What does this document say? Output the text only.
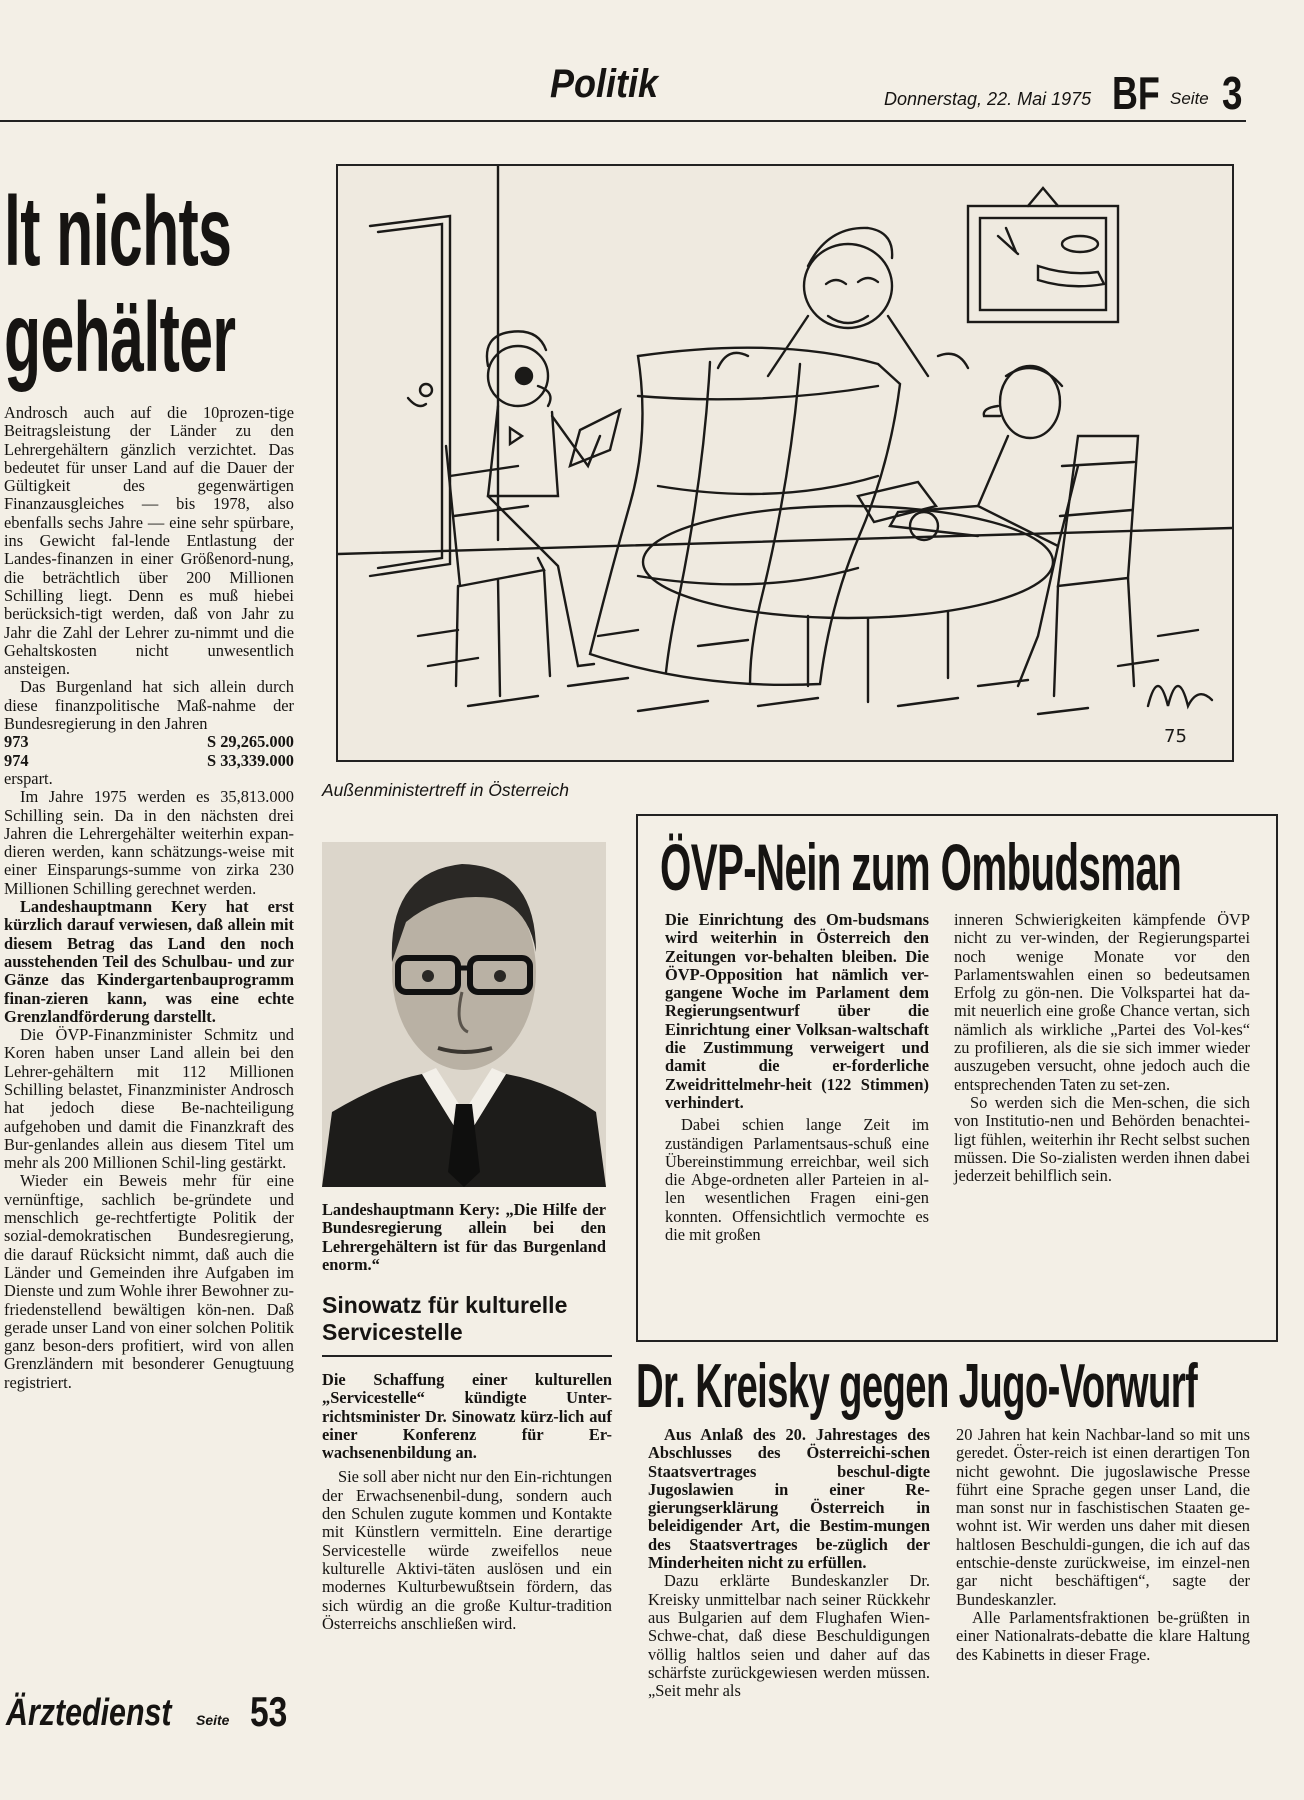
Politik	Donnerstag, 22. Mai 1975 BF Seite 3
lt nichts
gehälter

Androsch auch auf die 10prozen-tige Beitragsleistung der Länder zu den Lehrergehältern gänzlich verzichtet. Das bedeutet für unser Land auf die Dauer der Gültigkeit des gegenwärtigen Finanzausgleiches — bis 1978, also ebenfalls sechs Jahre — eine sehr spürbare, ins Gewicht fal-lende Entlastung der Landes-finanzen in einer Größenord-nung, die beträchtlich über 200 Millionen Schilling liegt. Denn es muß hiebei berücksich-tigt werden, daß von Jahr zu Jahr die Zahl der Lehrer zu-nimmt und die Gehaltskosten nicht unwesentlich ansteigen.

Das Burgenland hat sich allein durch diese finanzpolitische Maß-nahme der Bundesregierung in den Jahren

973	S 29,265.000
974	S 33,339.000

erspart.

Im Jahre 1975 werden es 35,813.000 Schilling sein. Da in den nächsten drei Jahren die Lehrergehälter weiterhin expan-dieren werden, kann schätzungs-weise mit einer Einsparungs-summe von zirka 230 Millionen Schilling gerechnet werden.

Landeshauptmann Kery hat erst kürzlich darauf verwiesen, daß allein mit diesem Betrag das Land den noch ausstehenden Teil des Schulbau- und zur Gänze das Kindergartenbauprogramm finan-zieren kann, was eine echte Grenzlandförderung darstellt.

Die ÖVP-Finanzminister Schmitz und Koren haben unser Land allein bei den Lehrer-gehältern mit 112 Millionen Schilling belastet, Finanzminister Androsch hat jedoch diese Be-nachteiligung aufgehoben und damit die Finanzkraft des Bur-genlandes allein aus diesem Titel um mehr als 200 Millionen Schil-ling gestärkt.

Wieder ein Beweis mehr für eine vernünftige, sachlich be-gründete und menschlich ge-rechtfertigte Politik der sozial-demokratischen Bundesregierung, die darauf Rücksicht nimmt, daß auch die Länder und Gemeinden ihre Aufgaben im Dienste und zum Wohle ihrer Bewohner zu-friedenstellend bewältigen kön-nen. Daß gerade unser Land von einer solchen Politik ganz beson-ders profitiert, wird von allen Grenzländern mit besonderer Genugtuung registriert.

Ärztedienst	Seite 53
75
Außenministertreff in Österreich

Landeshauptmann Kery: „Die Hilfe der Bundesregierung allein bei den Lehrergehältern ist für das Burgenland enorm.“

ÖVP-Nein zum Ombudsman

Die Einrichtung des Om-budsmans wird weiterhin in Österreich den Zeitungen vor-behalten bleiben. Die ÖVP-Opposition hat nämlich ver-gangene Woche im Parlament dem Regierungsentwurf über die Einrichtung einer Volksan-waltschaft die Zustimmung verweigert und damit die er-forderliche Zweidrittelmehr-heit (122 Stimmen) verhindert.

Dabei schien lange Zeit im zuständigen Parlamentsaus-schuß eine Übereinstimmung erreichbar, weil sich die Abge-ordneten aller Parteien in al-len wesentlichen Fragen eini-gen konnten. Offensichtlich vermochte es die mit großen

inneren Schwierigkeiten kämpfende ÖVP nicht zu ver-winden, der Regierungspartei noch wenige Monate vor den Parlamentswahlen einen so bedeutsamen Erfolg zu gön-nen. Die Volkspartei hat da-mit neuerlich eine große Chance vertan, sich nämlich als wirkliche „Partei des Vol-kes“ zu profilieren, als die sie sich immer wieder auszugeben versucht, ohne jedoch auch die entsprechenden Taten zu set-zen.

So werden sich die Men-schen, die sich von Institutio-nen und Behörden benachtei-ligt fühlen, weiterhin ihr Recht selbst suchen müssen. Die So-zialisten werden ihnen dabei jederzeit behilflich sein.

Sinowatz für kulturelle Servicestelle

Die Schaffung einer kulturellen „Servicestelle“ kündigte Unter-richtsminister Dr. Sinowatz kürz-lich auf einer Konferenz für Er-wachsenenbildung an.

Sie soll aber nicht nur den Ein-richtungen der Erwachsenenbil-dung, sondern auch den Schulen zugute kommen und Kontakte mit Künstlern vermitteln. Eine derartige Servicestelle würde zweifellos neue kulturelle Aktivi-täten auslösen und ein modernes Kulturbewußtsein fördern, das sich würdig an die große Kultur-tradition Österreichs anschließen wird.

Dr. Kreisky gegen Jugo-Vorwurf

Aus Anlaß des 20. Jahrestages des Abschlusses des Österreichi-schen Staatsvertrages beschul-digte Jugoslawien in einer Re-gierungserklärung Österreich in beleidigender Art, die Bestim-mungen des Staatsvertrages be-züglich der Minderheiten nicht zu erfüllen.

Dazu erklärte Bundeskanzler Dr. Kreisky unmittelbar nach seiner Rückkehr aus Bulgarien auf dem Flughafen Wien-Schwe-chat, daß diese Beschuldigungen völlig haltlos seien und daher auf das schärfste zurückgewiesen werden müssen. „Seit mehr als

20 Jahren hat kein Nachbar-land so mit uns geredet. Öster-reich ist einen derartigen Ton nicht gewohnt. Die jugoslawische Presse führt eine Sprache gegen unser Land, die man sonst nur in faschistischen Staaten ge-wohnt ist. Wir werden uns daher mit diesen haltlosen Beschuldi-gungen, die ich auf das entschie-denste zurückweise, im einzel-nen gar nicht beschäftigen“, sagte der Bundeskanzler.

Alle Parlamentsfraktionen be-grüßten in einer Nationalrats-debatte die klare Haltung des Kabinetts in dieser Frage.
